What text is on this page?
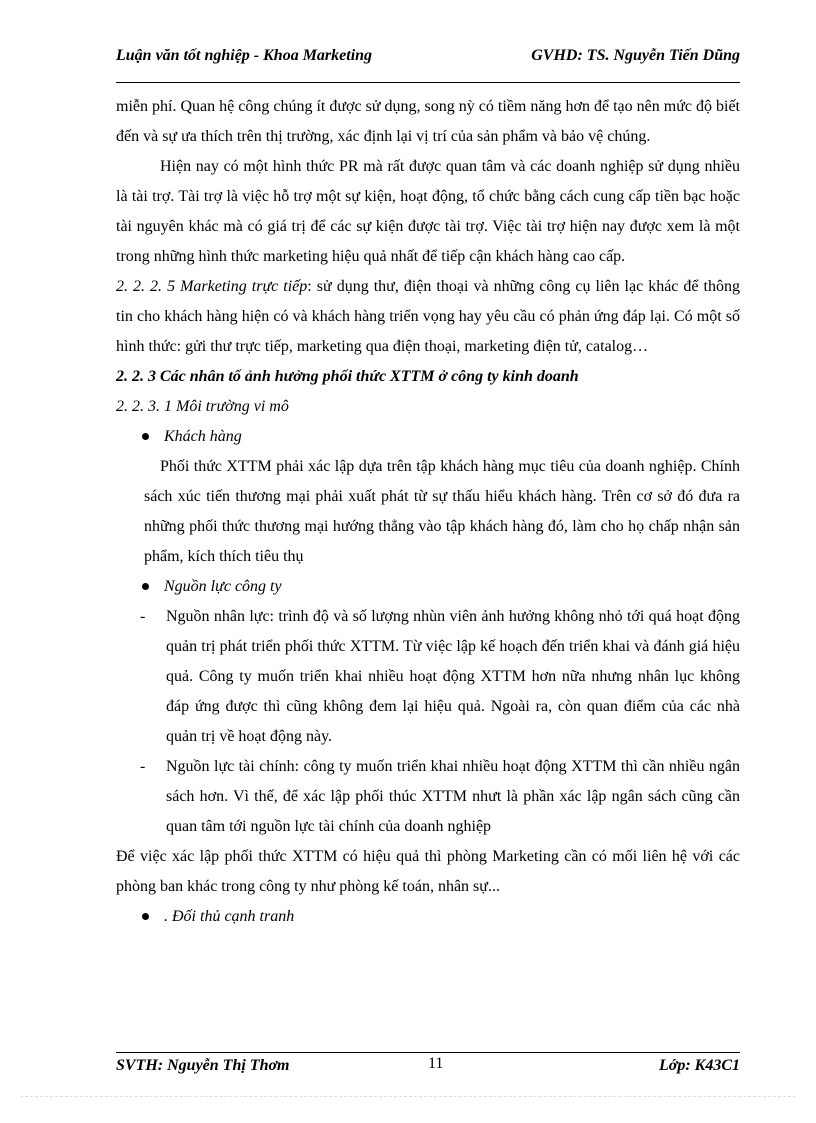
Luận văn tốt nghiệp - Khoa Marketing	GVHD: TS. Nguyễn Tiến Dũng

miễn phí. Quan hệ công chúng ít được sử dụng, song nỳ có tiềm năng hơn để tạo nên mức độ biết đến và sự ưa thích trên thị trường, xác định lại vị trí của sản phẩm và bảo vệ chúng.

Hiện nay có một hình thức PR mà rất được quan tâm và các doanh nghiệp sử dụng nhiều là tài trợ. Tài trợ là việc hỗ trợ một sự kiện, hoạt động, tổ chức bằng cách cung cấp tiền bạc hoặc tài nguyên khác mà có giá trị để các sự kiện được tài trợ. Việc tài trợ hiện nay được xem là một trong những hình thức marketing hiệu quả nhất để tiếp cận khách hàng cao cấp.

2. 2. 2. 5 Marketing trực tiếp: sử dụng thư, điện thoại và những công cụ liên lạc khác để thông tin cho khách hàng hiện có và khách hàng triển vọng hay yêu cầu có phản ứng đáp lại. Có một số hình thức: gửi thư trực tiếp, marketing qua điện thoại, marketing điện tử, catalog…

2. 2. 3 Các nhân tố ảnh hưởng phối thức XTTM ở công ty kinh doanh

2. 2. 3. 1 Môi trường vi mô

Khách hàng

Phối thức XTTM phải xác lập dựa trên tập khách hàng mục tiêu của doanh nghiệp. Chính sách xúc tiến thương mại phải xuất phát từ sự thấu hiểu khách hàng. Trên cơ sở đó đưa ra những phối thức thương mại hướng thẳng vào tập khách hàng đó, làm cho họ chấp nhận sản phẩm, kích thích tiêu thụ

Nguồn lực công ty
- Nguồn nhân lực: trình độ và số lượng nhùn viên ảnh hưởng không nhỏ tới quá hoạt động quản trị phát triển phối thức XTTM. Từ việc lập kế hoạch đến triển khai và đánh giá hiệu quả. Công ty muốn triển khai nhiều hoạt động XTTM hơn nữa nhưng nhân lục không đáp ứng được thì cũng không đem lại hiệu quả. Ngoài ra, còn quan điểm của các nhà quản trị về hoạt động này.
- Nguồn lực tài chính: công ty muốn triển khai nhiều hoạt động XTTM thì cần nhiều ngân sách hơn. Vì thế, để xác lập phối thúc XTTM nhưt là phần xác lập ngân sách cũng cần quan tâm tới nguồn lực tài chính của doanh nghiệp

Để việc xác lập phối thức XTTM có hiệu quả thì phòng Marketing cần có mối liên hệ với các phòng ban khác trong công ty như phòng kế toán, nhân sự...

. Đối thủ cạnh tranh
SVTH: Nguyễn Thị Thơm	11	Lớp: K43C1
